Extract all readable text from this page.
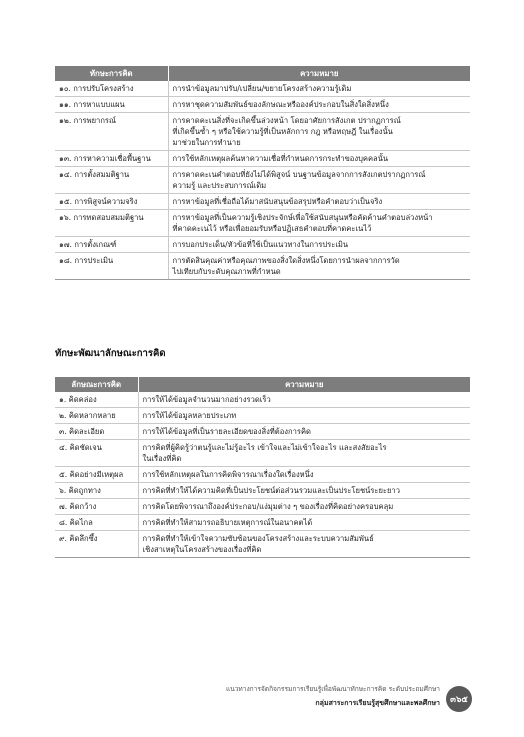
ทักษะการคิด	ความหมาย
๑๐. การปรับโครงสร้าง	การนำข้อมูลมาปรับ/เปลี่ยน/ขยายโครงสร้างความรู้เดิม

๑๑. การหาแบบแผน	การหาชุดความสัมพันธ์ของลักษณะหรือองค์ประกอบในสิ่งใดสิ่งหนึ่ง

๑๒. การพยากรณ์	การคาดคะเนสิ่งที่จะเกิดขึ้นล่วงหน้า โดยอาศัยการสังเกต ปรากฏการณ์
ที่เกิดขึ้นซ้ำ ๆ หรือใช้ความรู้ที่เป็นหลักการ กฎ หรือทฤษฎี ในเรื่องนั้น
มาช่วยในการทำนาย

๑๓. การหาความเชื่อพื้นฐาน	การใช้หลักเหตุผลค้นหาความเชื่อที่กำหนดการกระทำของบุคคลนั้น

๑๔. การตั้งสมมติฐาน	การคาดคะเนคำตอบที่ยังไม่ได้พิสูจน์ บนฐานข้อมูลจากการสังเกตปรากฏการณ์
ความรู้ และประสบการณ์เดิม

๑๕. การพิสูจน์ความจริง	การหาข้อมูลที่เชื่อถือได้มาสนับสนุนข้อสรุปหรือคำตอบว่าเป็นจริง

๑๖. การทดสอบสมมติฐาน	การหาข้อมูลที่เป็นความรู้เชิงประจักษ์เพื่อใช้สนับสนุนหรือคัดค้านคำตอบล่วงหน้า
ที่คาดคะเนไว้ หรือเพื่อยอมรับหรือปฏิเสธคำตอบที่คาดคะเนไว้

๑๗. การตั้งเกณฑ์	การบอกประเด็น/หัวข้อที่ใช้เป็นแนวทางในการประเมิน

๑๘. การประเมิน	การตัดสินคุณค่าหรือคุณภาพของสิ่งใดสิ่งหนึ่งโดยการนำผลจากการวัด
ไปเทียบกับระดับคุณภาพที่กำหนด
ทักษะพัฒนาลักษณะการคิด
ลักษณะการคิด	ความหมาย
๑. คิดคล่อง	การให้ได้ข้อมูลจำนวนมากอย่างรวดเร็ว

๒. คิดหลากหลาย	การให้ได้ข้อมูลหลายประเภท

๓. คิดละเอียด	การให้ได้ข้อมูลที่เป็นรายละเอียดของสิ่งที่ต้องการคิด

๔. คิดชัดเจน	การคิดที่ผู้คิดรู้ว่าตนรู้และไม่รู้อะไร เข้าใจและไม่เข้าใจอะไร และสงสัยอะไร
ในเรื่องที่คิด

๕. คิดอย่างมีเหตุผล	การใช้หลักเหตุผลในการคิดพิจารณาเรื่องใดเรื่องหนึ่ง

๖. คิดถูกทาง	การคิดที่ทำให้ได้ความคิดที่เป็นประโยชน์ต่อส่วนรวมและเป็นประโยชน์ระยะยาว

๗. คิดกว้าง	การคิดโดยพิจารณาถึงองค์ประกอบ/แง่มุมต่าง ๆ ของเรื่องที่คิดอย่างครอบคลุม

๘. คิดไกล	การคิดที่ทำให้สามารถอธิบายเหตุการณ์ในอนาคตได้

๙. คิดลึกซึ้ง	การคิดที่ทำให้เข้าใจความซับซ้อนของโครงสร้างและระบบความสัมพันธ์
เชิงสาเหตุในโครงสร้างของเรื่องที่คิด
แนวทางการจัดกิจกรรมการเรียนรู้เพื่อพัฒนาทักษะการคิด ระดับประถมศึกษา
กลุ่มสาระการเรียนรู้สุขศึกษาและพลศึกษา	๓๖๕
